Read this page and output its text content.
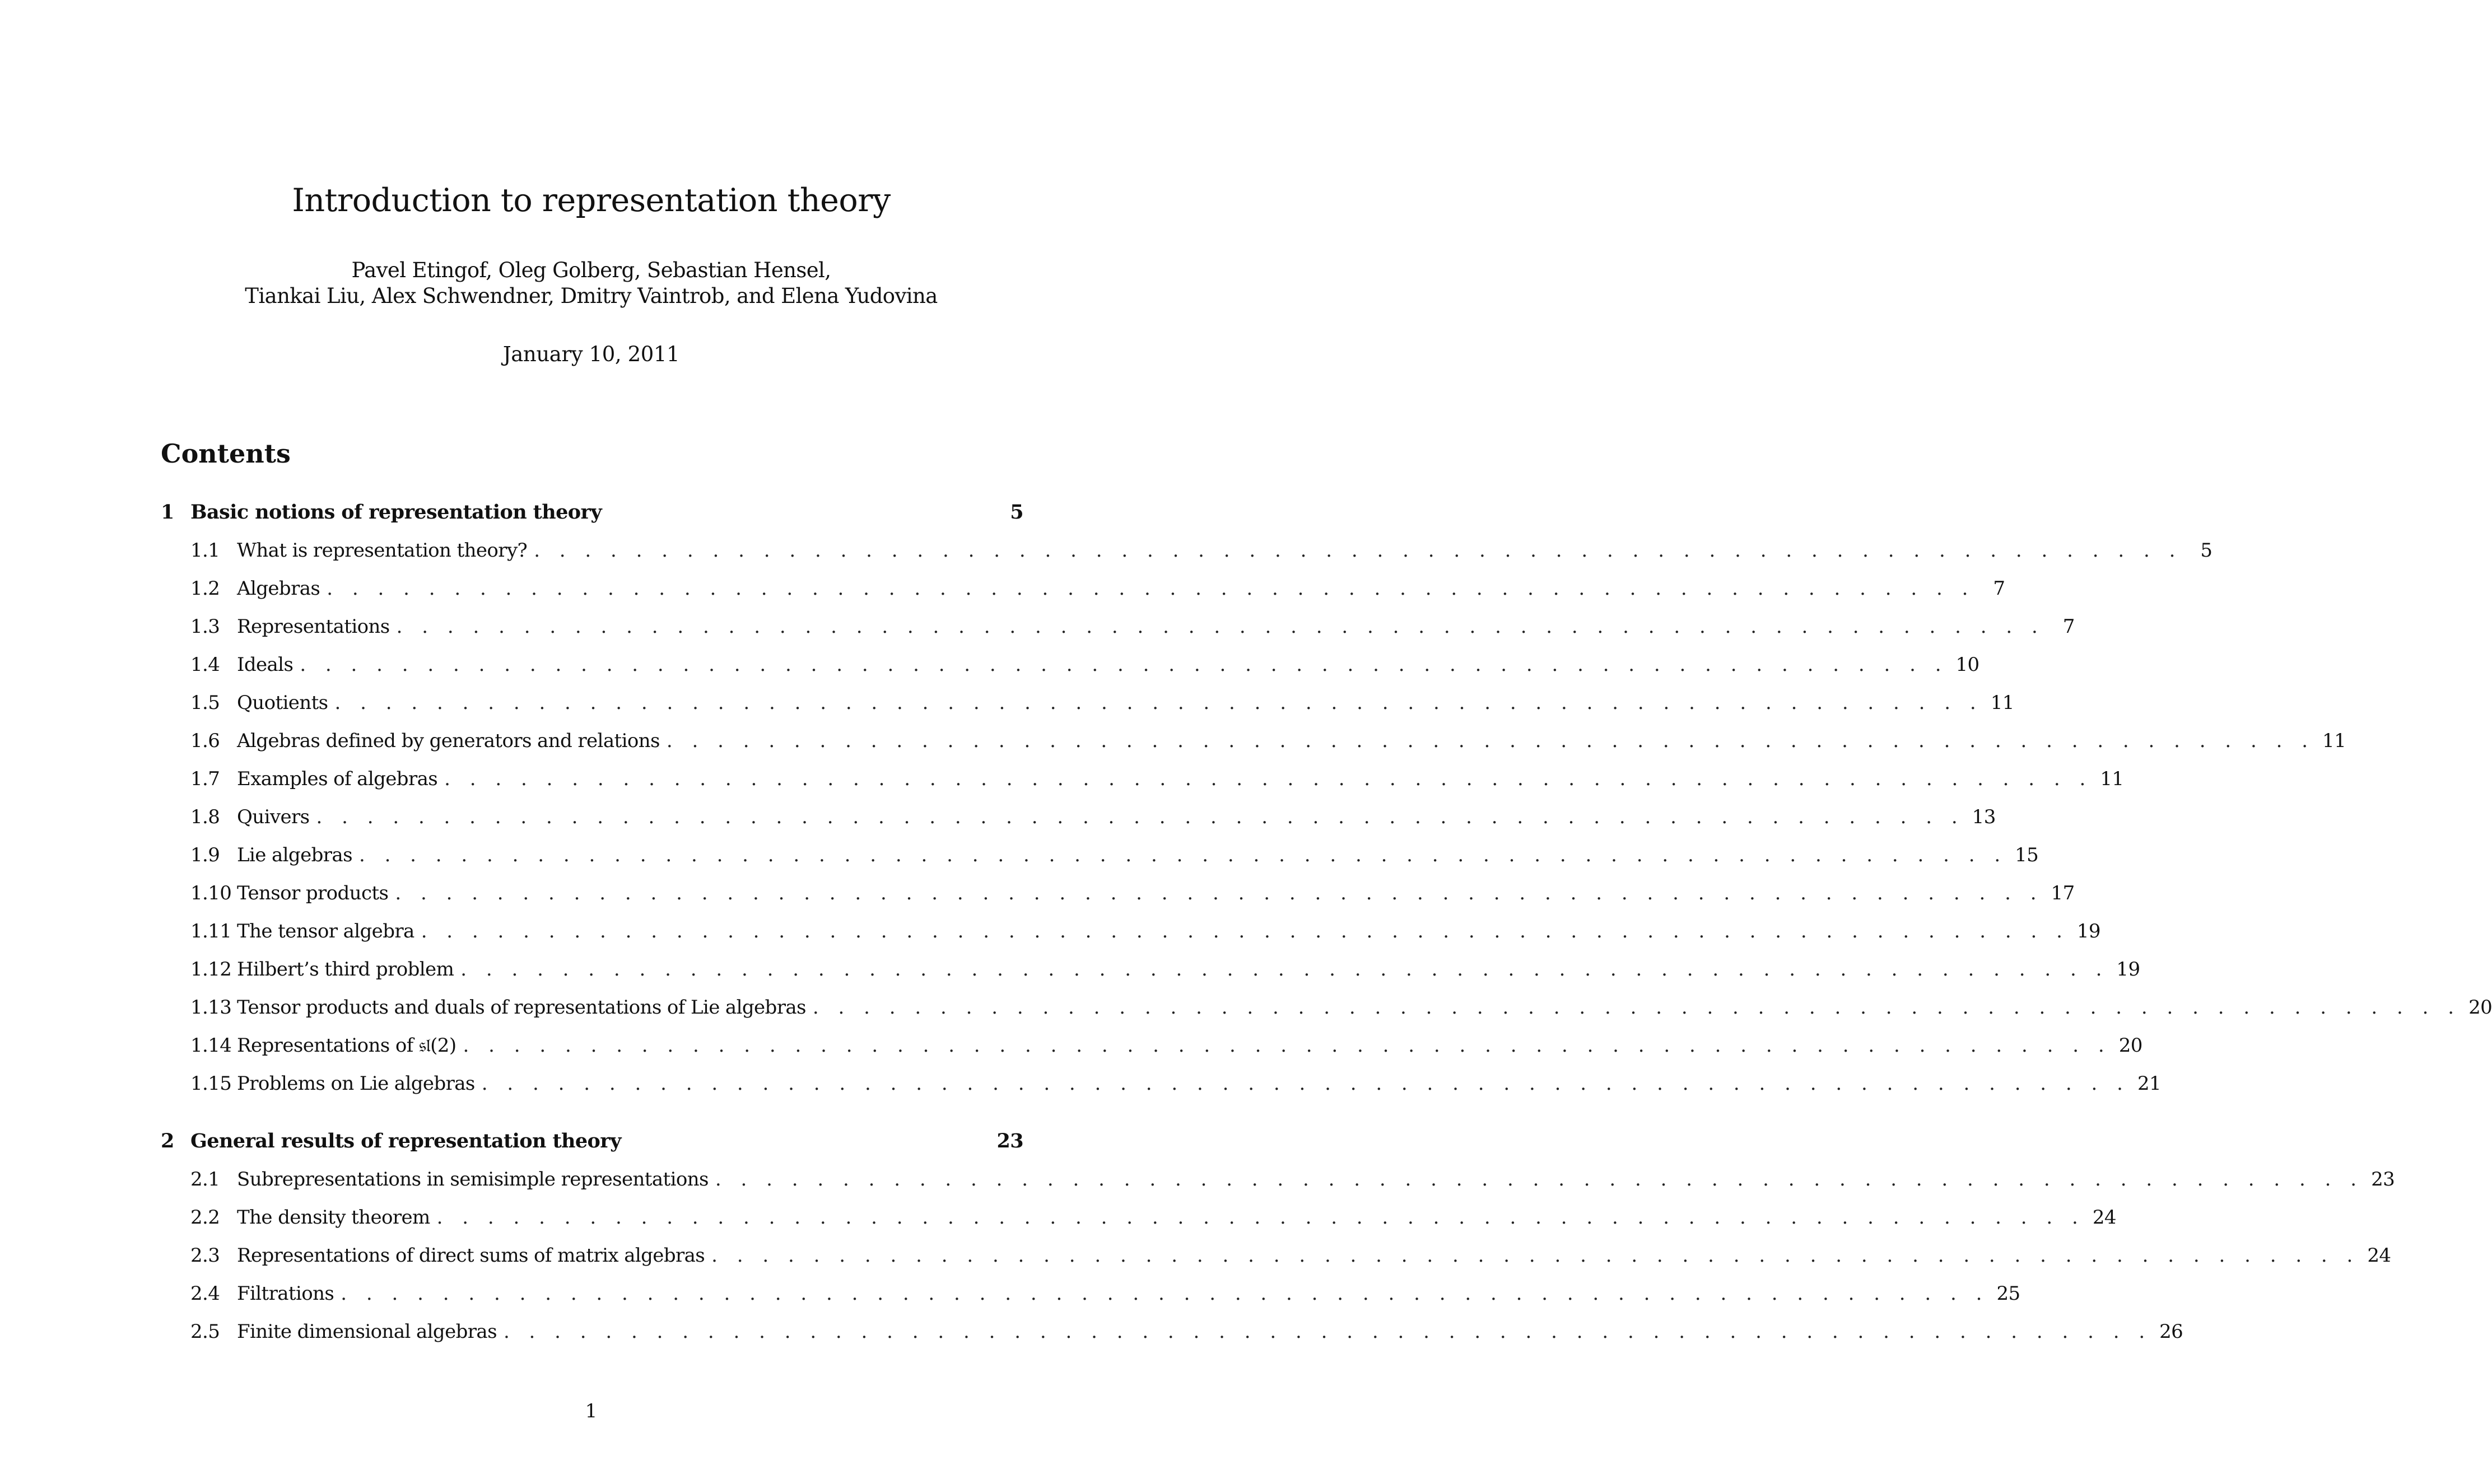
Introduction to representation theory
Pavel Etingof, Oleg Golberg, Sebastian Hensel,
Tiankai Liu, Alex Schwendner, Dmitry Vaintrob, and Elena Yudovina
January 10, 2011
Contents
1 Basic notions of representation theory	5
1.1 What is representation theory? . . . . . . . . . . . . . . . . . . . . . . . . . . . . . . . . . . . . . . . . . . . . . . . . . . . . . . . . . . . . . . . . . 5
1.2 Algebras . . . . . . . . . . . . . . . . . . . . . . . . . . . . . . . . . . . . . . . . . . . . . . . . . . . . . . . . . . . . . . . . . 7
1.3 Representations . . . . . . . . . . . . . . . . . . . . . . . . . . . . . . . . . . . . . . . . . . . . . . . . . . . . . . . . . . . . . . . . . 7
1.4 Ideals . . . . . . . . . . . . . . . . . . . . . . . . . . . . . . . . . . . . . . . . . . . . . . . . . . . . . . . . . . . . . . . . . 10
1.5 Quotients . . . . . . . . . . . . . . . . . . . . . . . . . . . . . . . . . . . . . . . . . . . . . . . . . . . . . . . . . . . . . . . . . 11
1.6 Algebras defined by generators and relations . . . . . . . . . . . . . . . . . . . . . . . . . . . . . . . . . . . . . . . . . . . . . . . . . . . . . . . . . . . . . . . . . 11
1.7 Examples of algebras . . . . . . . . . . . . . . . . . . . . . . . . . . . . . . . . . . . . . . . . . . . . . . . . . . . . . . . . . . . . . . . . . 11
1.8 Quivers . . . . . . . . . . . . . . . . . . . . . . . . . . . . . . . . . . . . . . . . . . . . . . . . . . . . . . . . . . . . . . . . . 13
1.9 Lie algebras . . . . . . . . . . . . . . . . . . . . . . . . . . . . . . . . . . . . . . . . . . . . . . . . . . . . . . . . . . . . . . . . . 15
1.10 Tensor products . . . . . . . . . . . . . . . . . . . . . . . . . . . . . . . . . . . . . . . . . . . . . . . . . . . . . . . . . . . . . . . . . 17
1.11 The tensor algebra . . . . . . . . . . . . . . . . . . . . . . . . . . . . . . . . . . . . . . . . . . . . . . . . . . . . . . . . . . . . . . . . . 19
1.12 Hilbert’s third problem . . . . . . . . . . . . . . . . . . . . . . . . . . . . . . . . . . . . . . . . . . . . . . . . . . . . . . . . . . . . . . . . . 19
1.13 Tensor products and duals of representations of Lie algebras . . . . . . . . . . . . . . . . . . . . . . . . . . . . . . . . . . . . . . . . . . . . . . . . . . . . . . . . . . . . . . . . . 20
1.14 Representations of 𝔰𝔩(2) . . . . . . . . . . . . . . . . . . . . . . . . . . . . . . . . . . . . . . . . . . . . . . . . . . . . . . . . . . . . . . . . . 20
1.15 Problems on Lie algebras . . . . . . . . . . . . . . . . . . . . . . . . . . . . . . . . . . . . . . . . . . . . . . . . . . . . . . . . . . . . . . . . . 21
2 General results of representation theory	23
2.1 Subrepresentations in semisimple representations . . . . . . . . . . . . . . . . . . . . . . . . . . . . . . . . . . . . . . . . . . . . . . . . . . . . . . . . . . . . . . . . . 23
2.2 The density theorem . . . . . . . . . . . . . . . . . . . . . . . . . . . . . . . . . . . . . . . . . . . . . . . . . . . . . . . . . . . . . . . . . 24
2.3 Representations of direct sums of matrix algebras . . . . . . . . . . . . . . . . . . . . . . . . . . . . . . . . . . . . . . . . . . . . . . . . . . . . . . . . . . . . . . . . . 24
2.4 Filtrations . . . . . . . . . . . . . . . . . . . . . . . . . . . . . . . . . . . . . . . . . . . . . . . . . . . . . . . . . . . . . . . . . 25
2.5 Finite dimensional algebras . . . . . . . . . . . . . . . . . . . . . . . . . . . . . . . . . . . . . . . . . . . . . . . . . . . . . . . . . . . . . . . . . 26
1
